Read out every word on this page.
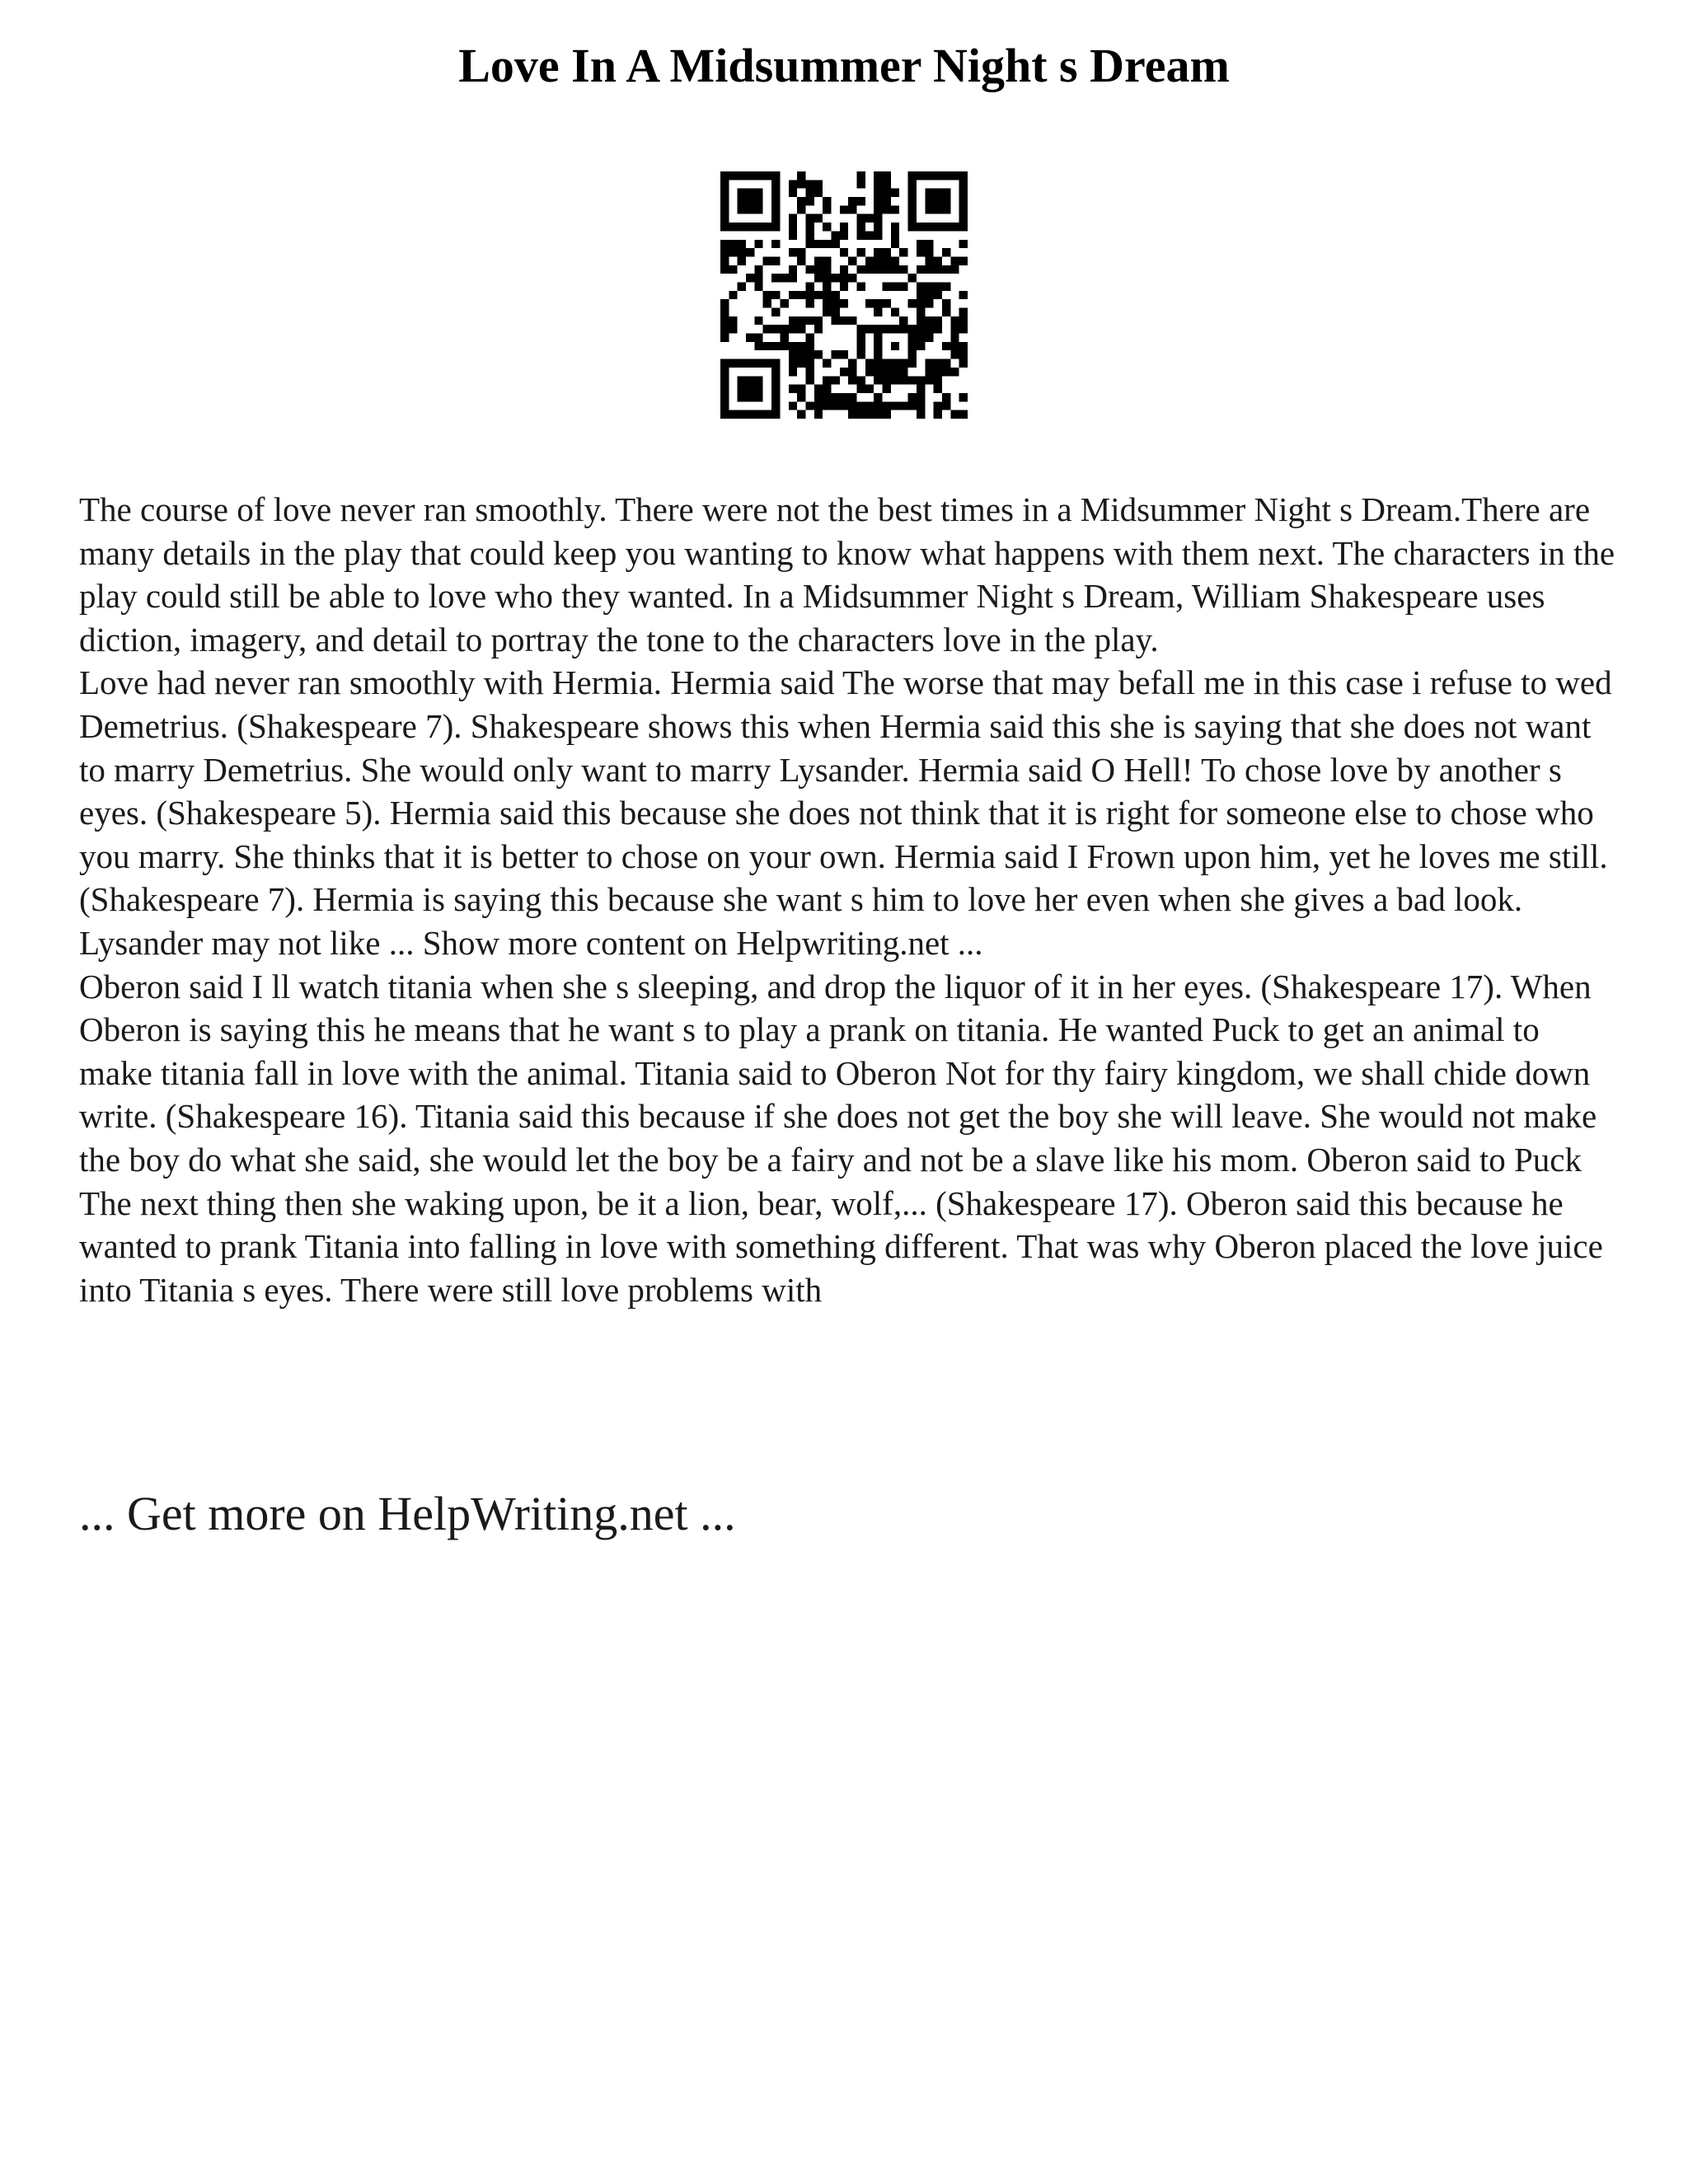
Love In A Midsummer Night s Dream

The course of love never ran smoothly. There were not the best times in a Midsummer Night s Dream.There are many details in the play that could keep you wanting to know what happens with them next. The characters in the play could still be able to love who they wanted. In a Midsummer Night s Dream, William Shakespeare uses diction, imagery, and detail to portray the tone to the characters love in the play.

Love had never ran smoothly with Hermia. Hermia said The worse that may befall me in this case i refuse to wed Demetrius. (Shakespeare 7). Shakespeare shows this when Hermia said this she is saying that she does not want to marry Demetrius. She would only want to marry Lysander. Hermia said O Hell! To chose love by another s eyes. (Shakespeare 5). Hermia said this because she does not think that it is right for someone else to chose who you marry. She thinks that it is better to chose on your own. Hermia said I Frown upon him, yet he loves me still. (Shakespeare 7). Hermia is saying this because she want s him to love her even when she gives a bad look. Lysander may not like ... Show more content on Helpwriting.net ...

Oberon said I ll watch titania when she s sleeping, and drop the liquor of it in her eyes. (Shakespeare 17). When Oberon is saying this he means that he want s to play a prank on titania. He wanted Puck to get an animal to make titania fall in love with the animal. Titania said to Oberon Not for thy fairy kingdom, we shall chide down write. (Shakespeare 16). Titania said this because if she does not get the boy she will leave. She would not make the boy do what she said, she would let the boy be a fairy and not be a slave like his mom. Oberon said to Puck The next thing then she waking upon, be it a lion, bear, wolf,... (Shakespeare 17). Oberon said this because he wanted to prank Titania into falling in love with something different. That was why Oberon placed the love juice into Titania s eyes. There were still love problems with

... Get more on HelpWriting.net ...
